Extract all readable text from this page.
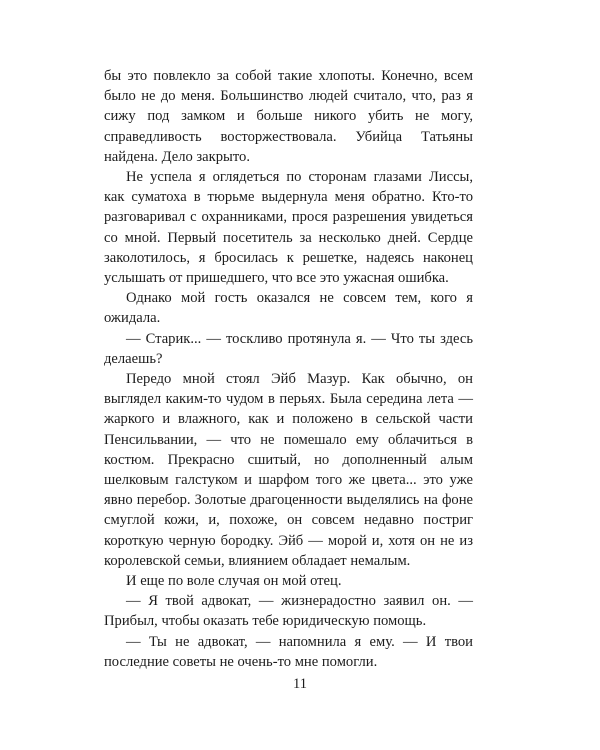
бы это повлекло за собой такие хлопоты. Конечно, всем было не до меня. Большинство людей считало, что, раз я сижу под замком и больше никого убить не могу, справедливость восторжествовала. Убийца Татьяны найдена. Дело закрыто.

Не успела я оглядеться по сторонам глазами Лиссы, как суматоха в тюрьме выдернула меня обратно. Кто-то разговаривал с охранниками, прося разрешения увидеться со мной. Первый посетитель за несколько дней. Сердце заколотилось, я бросилась к решетке, надеясь наконец услышать от пришедшего, что все это ужасная ошибка.

Однако мой гость оказался не совсем тем, кого я ожидала.

— Старик... — тоскливо протянула я. — Что ты здесь делаешь?

Передо мной стоял Эйб Мазур. Как обычно, он выглядел каким-то чудом в перьях. Была середина лета — жаркого и влажного, как и положено в сельской части Пенсильвании, — что не помешало ему облачиться в костюм. Прекрасно сшитый, но дополненный алым шелковым галстуком и шарфом того же цвета... это уже явно перебор. Золотые драгоценности выделялись на фоне смуглой кожи, и, похоже, он совсем недавно постриг короткую черную бородку. Эйб — морой и, хотя он не из королевской семьи, влиянием обладает немалым.

И еще по воле случая он мой отец.

— Я твой адвокат, — жизнерадостно заявил он. — Прибыл, чтобы оказать тебе юридическую помощь.

— Ты не адвокат, — напомнила я ему. — И твои последние советы не очень-то мне помогли.

11
